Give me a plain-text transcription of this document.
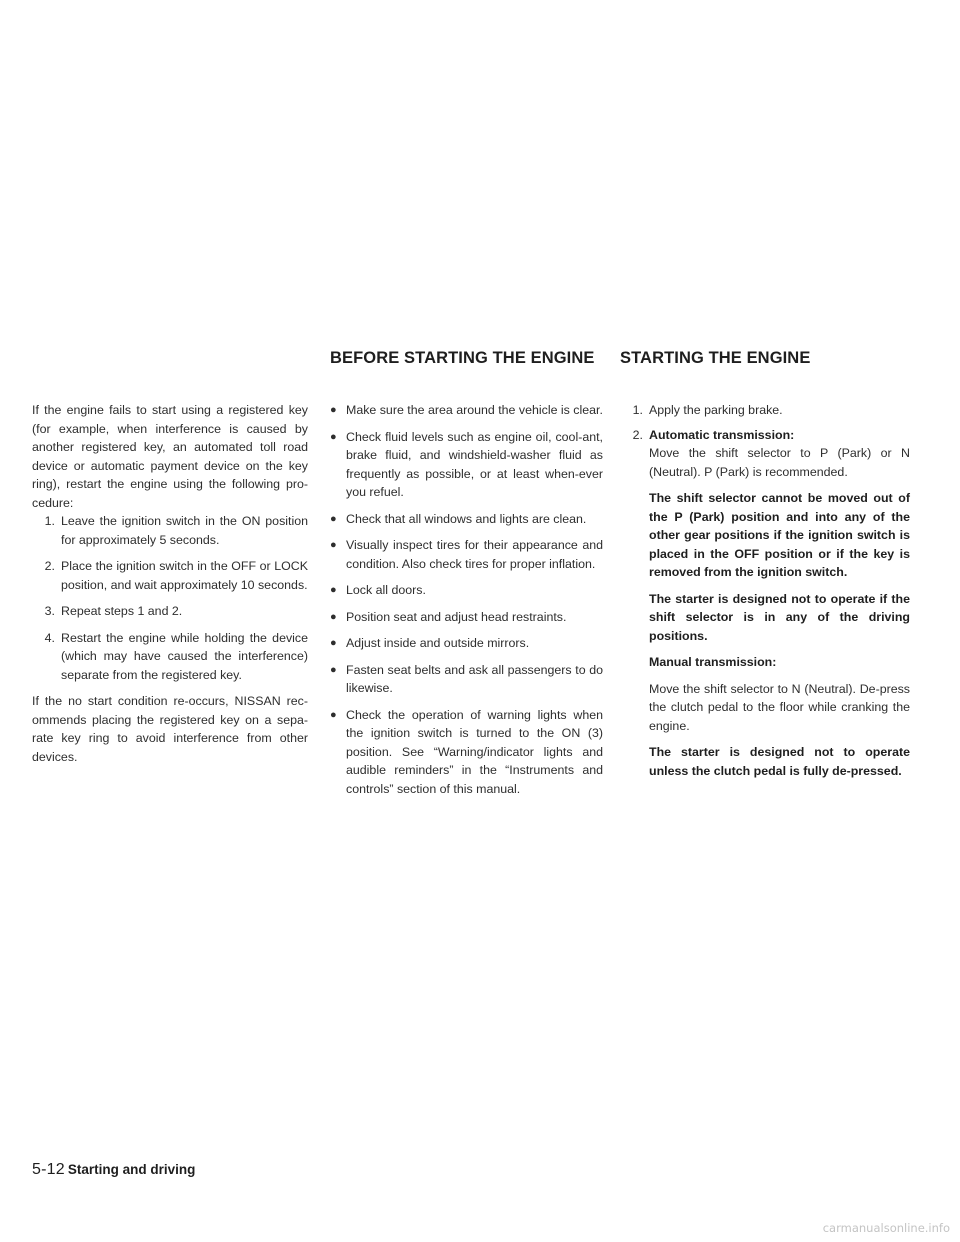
BEFORE STARTING THE ENGINE STARTING THE ENGINE

If the engine fails to start using a registered key (for example, when interference is caused by another registered key, an automated toll road device or automatic payment device on the key ring), restart the engine using the following pro-cedure:

1. Leave the ignition switch in the ON position for approximately 5 seconds.
2. Place the ignition switch in the OFF or LOCK position, and wait approximately 10 seconds.
3. Repeat steps 1 and 2.
4. Restart the engine while holding the device (which may have caused the interference) separate from the registered key.

If the no start condition re-occurs, NISSAN rec-ommends placing the registered key on a sepa-rate key ring to avoid interference from other devices.

● Make sure the area around the vehicle is clear.
● Check fluid levels such as engine oil, cool-ant, brake fluid, and windshield-washer fluid as frequently as possible, or at least when-ever you refuel.
● Check that all windows and lights are clean.
● Visually inspect tires for their appearance and condition. Also check tires for proper inflation.
● Lock all doors.
● Position seat and adjust head restraints.
● Adjust inside and outside mirrors.
● Fasten seat belts and ask all passengers to do likewise.
● Check the operation of warning lights when the ignition switch is turned to the ON (3) position. See “Warning/indicator lights and audible reminders” in the “Instruments and controls” section of this manual.
1. Apply the parking brake.
2. Automatic transmission:

Move the shift selector to P (Park) or N (Neutral). P (Park) is recommended.

The shift selector cannot be moved out of the P (Park) position and into any of the other gear positions if the ignition switch is placed in the OFF position or if the key is removed from the ignition switch.

The starter is designed not to operate if the shift selector is in any of the driving positions.

Manual transmission:

Move the shift selector to N (Neutral). De-press the clutch pedal to the floor while cranking the engine.

The starter is designed not to operate unless the clutch pedal is fully de-pressed.

5-12 Starting and driving
carmanualsonline.info
